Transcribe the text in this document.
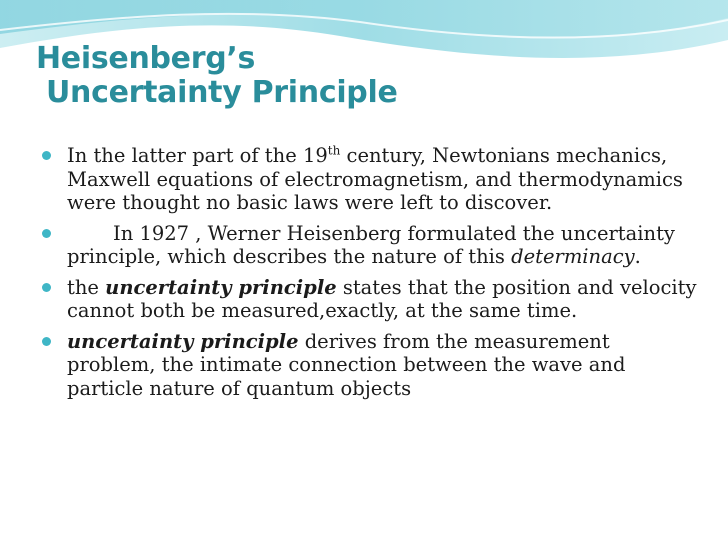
Heisenberg’s
Uncertainty Principle
In the latter part of the 19th century, Newtonians mechanics, Maxwell equations of electromagnetism, and thermodynamics were thought no basic laws were left to discover.
In 1927 , Werner Heisenberg formulated the uncertainty principle, which describes the nature of this determinacy.
the uncertainty principle states that the position and velocity cannot both be measured,exactly, at the same time.
uncertainty principle derives from the measurement problem, the intimate connection between the wave and particle nature of quantum objects
